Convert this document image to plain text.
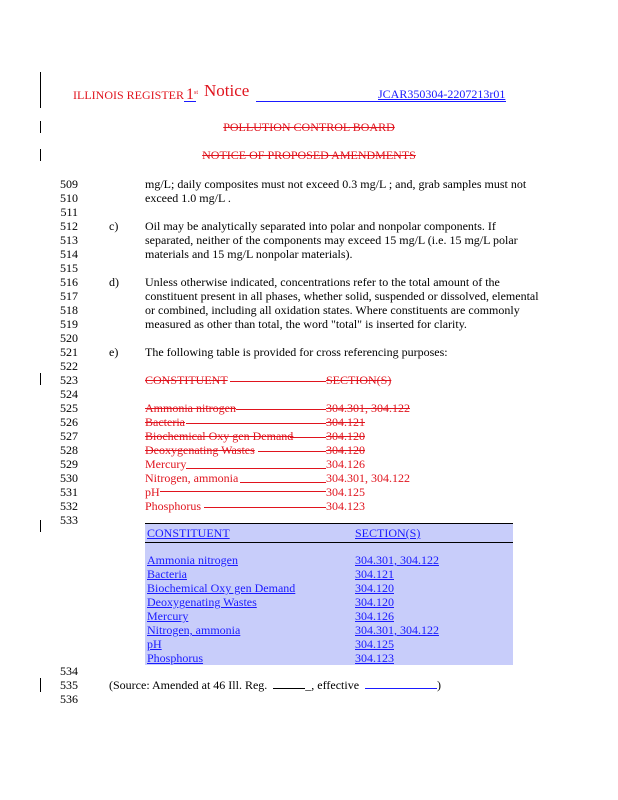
ILLINOIS REGISTER 1st Notice	JCAR350304-2207213r01
POLLUTION CONTROL BOARD
NOTICE OF PROPOSED AMENDMENTS
509
510
511
512
513
514
515
516
517
518
519
520
521
522
523
524
525
526
527
528
529
530
531
532
533
534
535
536
mg/L; daily composites must not exceed 0.3 mg/L ; and, grab samples must not
exceed 1.0 mg/L .
c) Oil may be analytically separated into polar and nonpolar components. If
separated, neither of the components may exceed 15 mg/L (i.e. 15 mg/L polar
materials and 15 mg/L nonpolar materials).
d) Unless otherwise indicated, concentrations refer to the total amount of the
constituent present in all phases, whether solid, suspended or dissolved, elemental
or combined, including all oxidation states. Where constituents are commonly
measured as other than total, the word "total" is inserted for clarity.
e) The following table is provided for cross referencing purposes:
CONSTITUENT	SECTION(S)
Ammonia nitrogen	304.301, 304.122
Bacteria	304.121
Biochemical Oxy gen Demand	304.120
Deoxygenating Wastes	304.120
Mercury	304.126
Nitrogen, ammonia	304.301, 304.122
pH	304.125
Phosphorus	304.123
CONSTITUENT	SECTION(S)
Ammonia nitrogen	304.301, 304.122
Bacteria	304.121
Biochemical Oxy gen Demand	304.120
Deoxygenating Wastes	304.120
Mercury	304.126
Nitrogen, ammonia	304.301, 304.122
pH	304.125
Phosphorus	304.123
(Source: Amended at 46 Ill. Reg.	_, effective	)
